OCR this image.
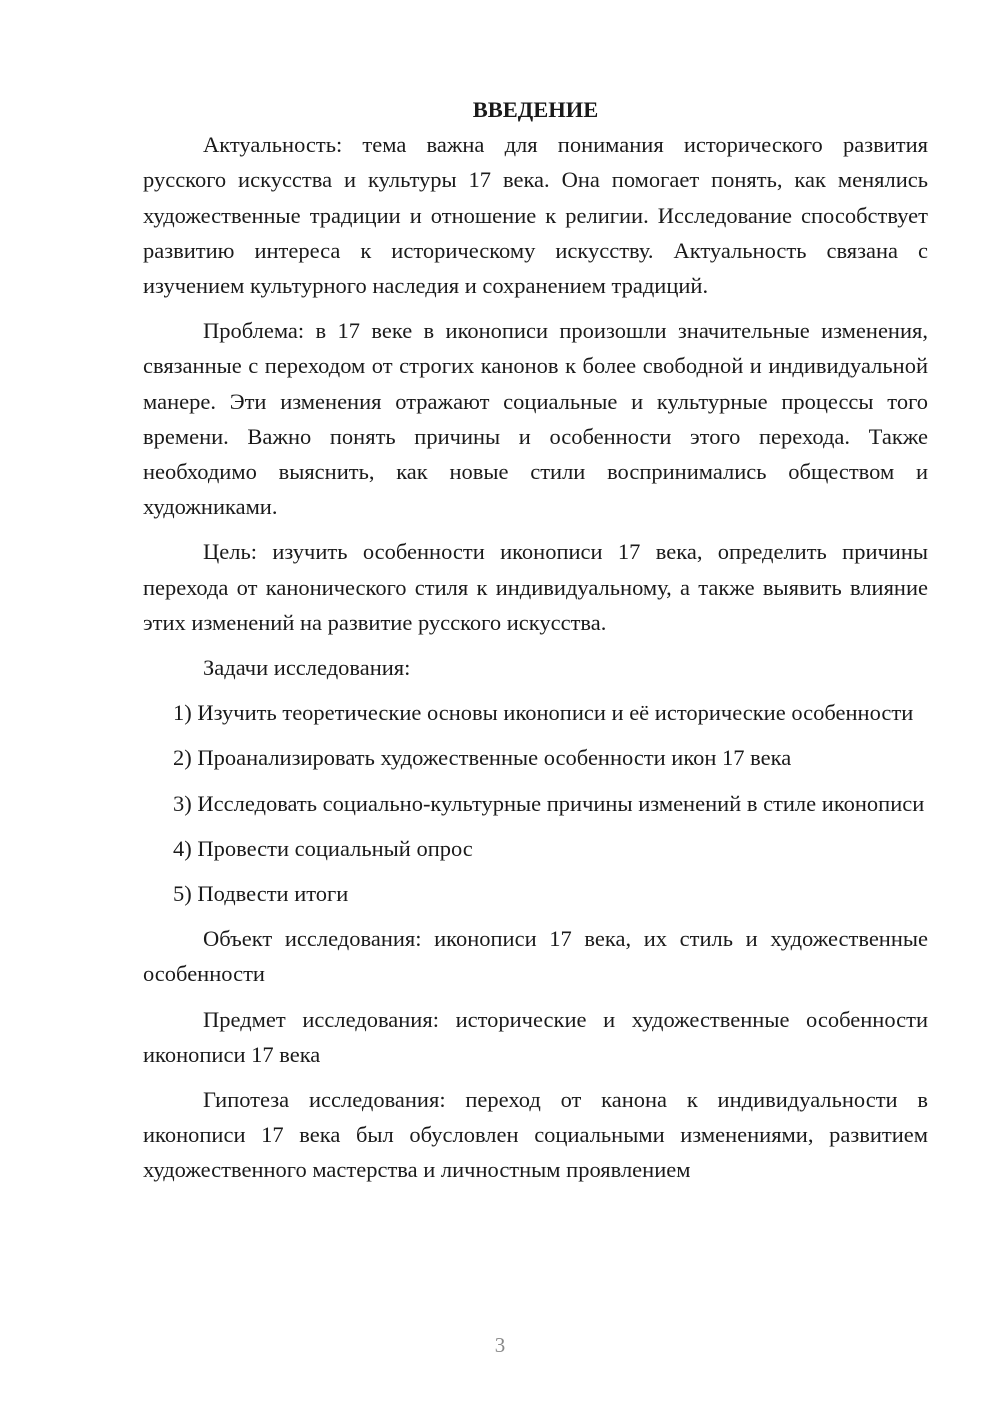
ВВЕДЕНИЕ

Актуальность: тема важна для понимания исторического развития русского искусства и культуры 17 века. Она помогает понять, как менялись художественные традиции и отношение к религии. Исследование способствует развитию интереса к историческому искусству. Актуальность связана с изучением культурного наследия и сохранением традиций.

Проблема: в 17 веке в иконописи произошли значительные изменения, связанные с переходом от строгих канонов к более свободной и индивидуальной манере. Эти изменения отражают социальные и культурные процессы того времени. Важно понять причины и особенности этого перехода. Также необходимо выяснить, как новые стили воспринимались обществом и художниками.

Цель: изучить особенности иконописи 17 века, определить причины перехода от канонического стиля к индивидуальному, а также выявить влияние этих изменений на развитие русского искусства.

Задачи исследования:

1) Изучить теоретические основы иконописи и её исторические особенности

2) Проанализировать художественные особенности икон 17 века

3) Исследовать социально-культурные причины изменений в стиле иконописи

4) Провести социальный опрос

5) Подвести итоги

Объект исследования: иконописи 17 века, их стиль и художественные особенности

Предмет исследования: исторические и художественные особенности иконописи 17 века

Гипотеза исследования: переход от канона к индивидуальности в иконописи 17 века был обусловлен социальными изменениями, развитием художественного мастерства и личностным проявлением

3
